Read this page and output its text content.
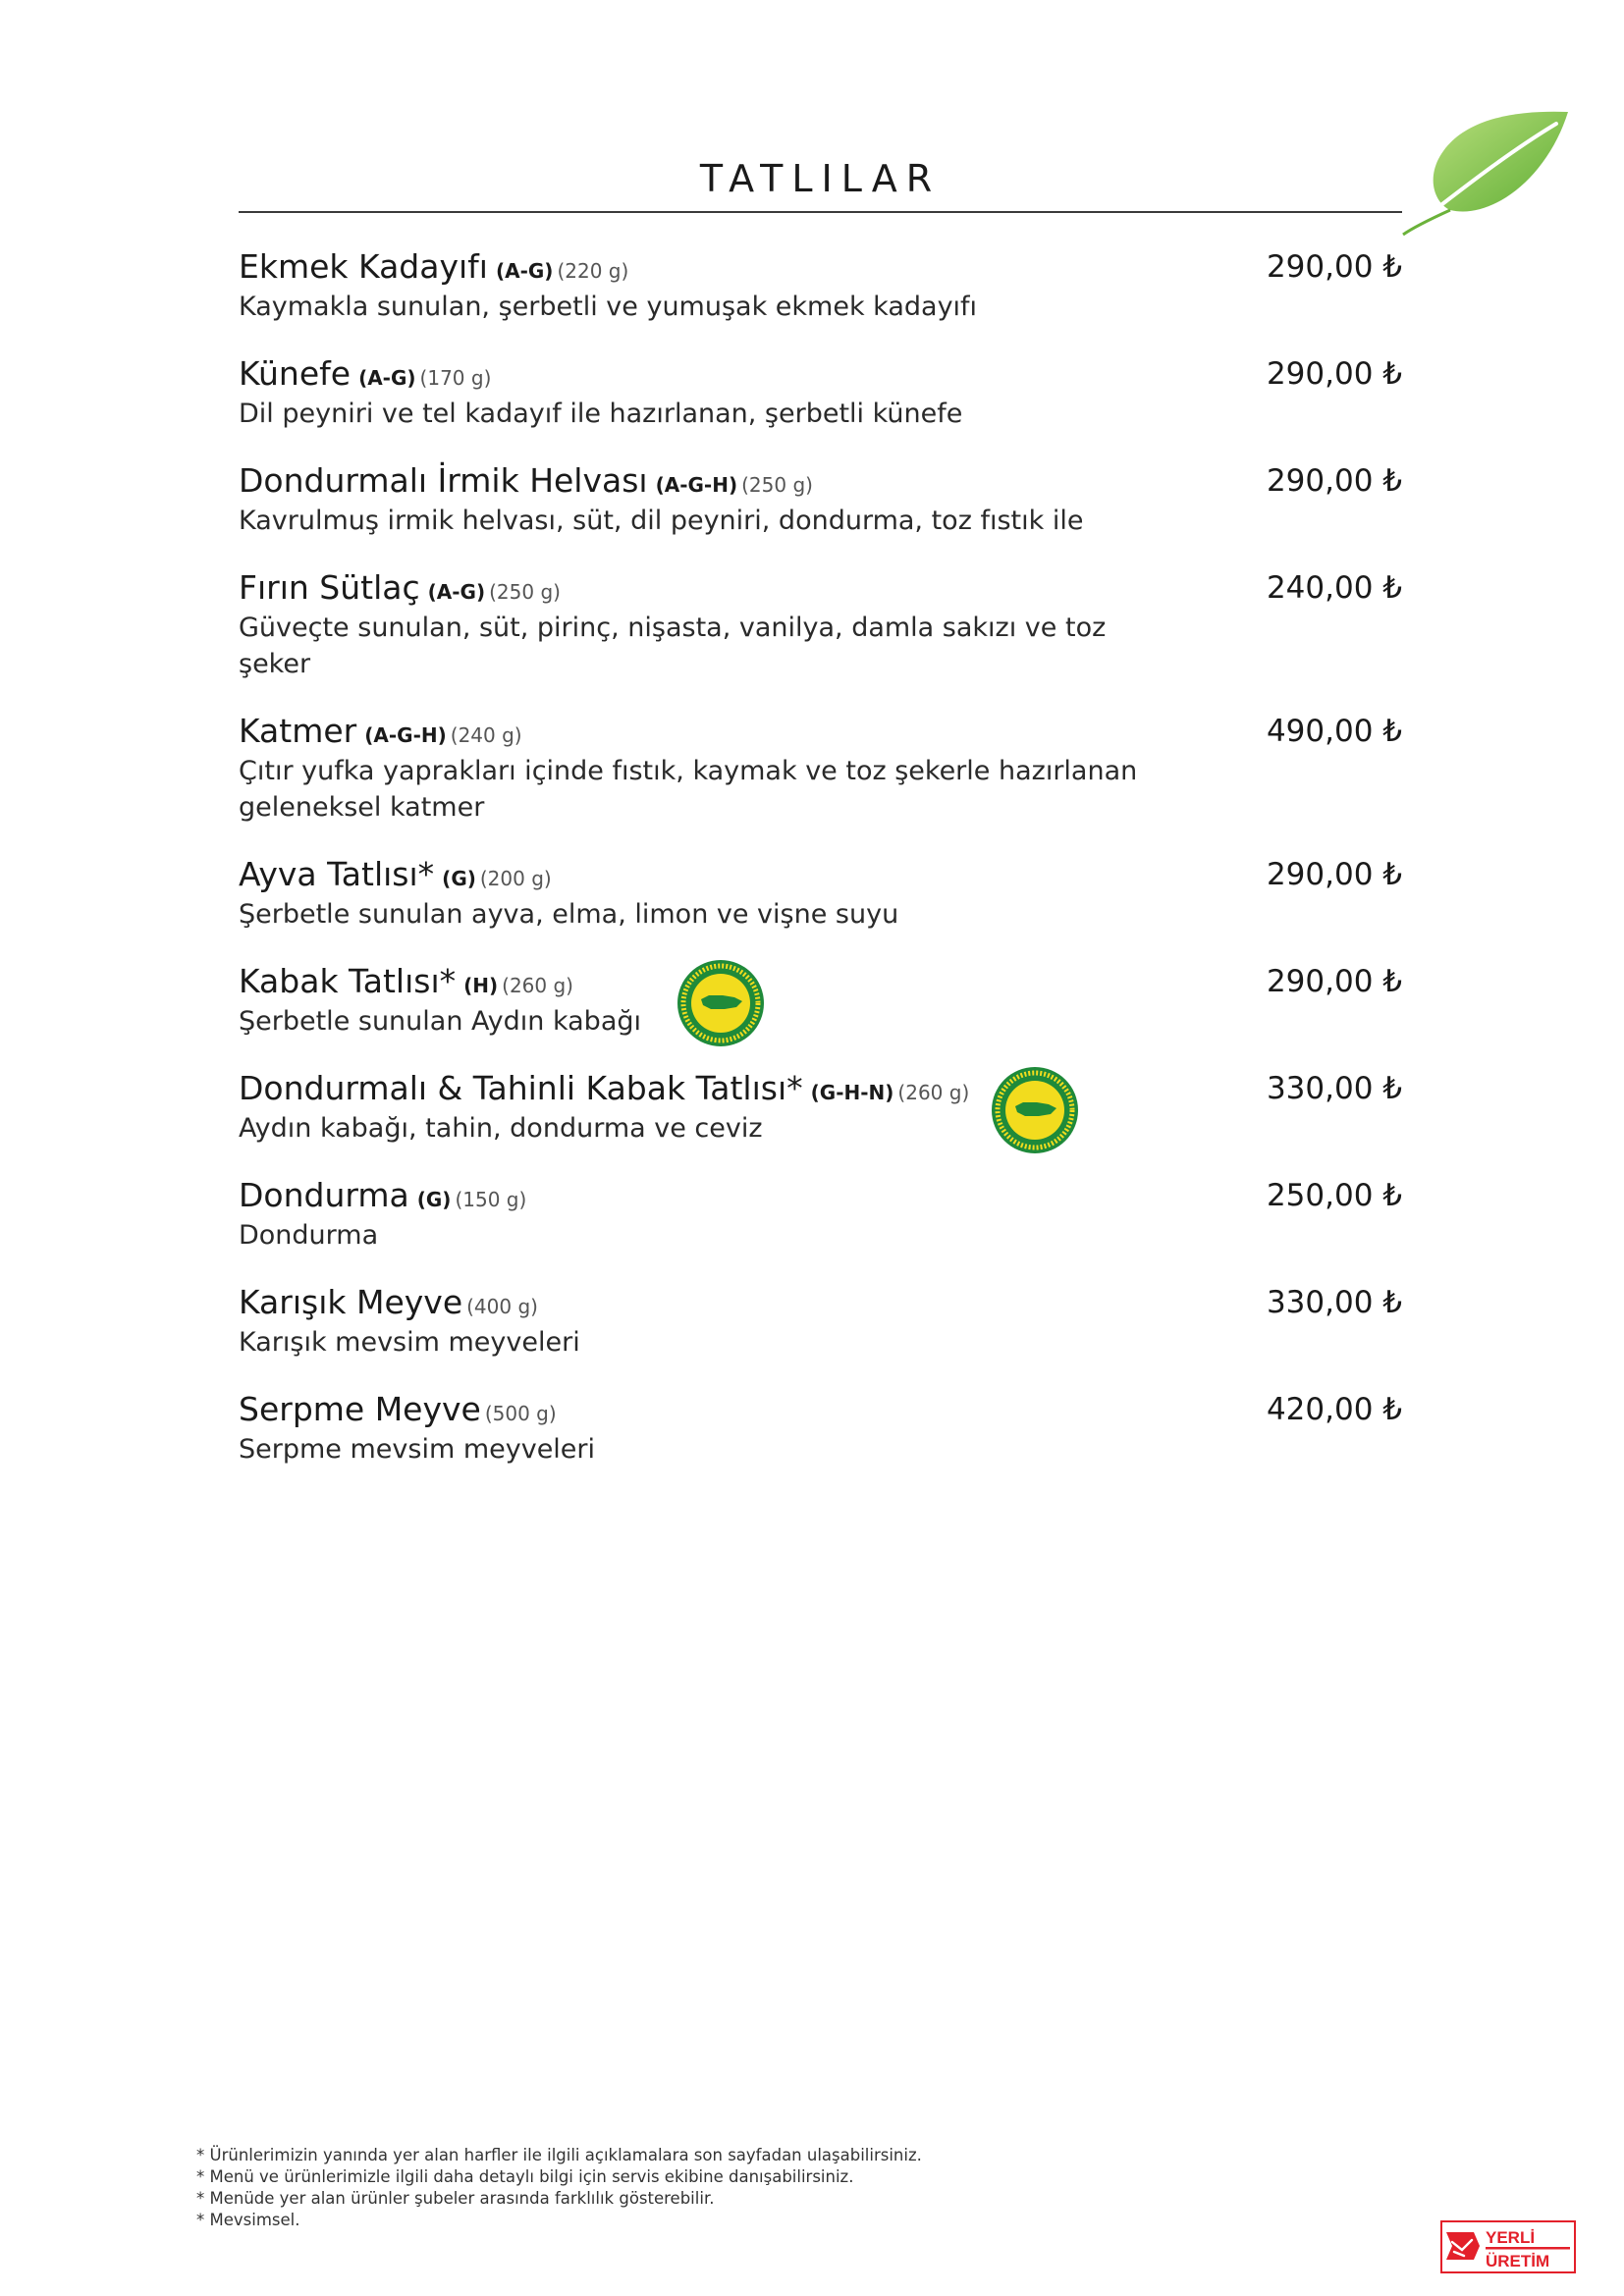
TATLILAR
Ekmek Kadayıfı (A-G) (220 g)	290,00 ₺
Kaymakla sunulan, şerbetli ve yumuşak ekmek kadayıfı
Künefe (A-G) (170 g)	290,00 ₺
Dil peyniri ve tel kadayıf ile hazırlanan, şerbetli künefe
Dondurmalı İrmik Helvası (A-G-H) (250 g)	290,00 ₺
Kavrulmuş irmik helvası, süt, dil peyniri, dondurma, toz fıstık ile
Fırın Sütlaç (A-G) (250 g)	240,00 ₺
Güveçte sunulan, süt, pirinç, nişasta, vanilya, damla sakızı ve toz şeker
Katmer (A-G-H) (240 g)	490,00 ₺
Çıtır yufka yaprakları içinde fıstık, kaymak ve toz şekerle hazırlanan geleneksel katmer
Ayva Tatlısı* (G) (200 g)	290,00 ₺
Şerbetle sunulan ayva, elma, limon ve vişne suyu
Kabak Tatlısı* (H) (260 g)	290,00 ₺
Şerbetle sunulan Aydın kabağı
Dondurmalı & Tahinli Kabak Tatlısı* (G-H-N) (260 g)	330,00 ₺
Aydın kabağı, tahin, dondurma ve ceviz
Dondurma (G) (150 g)	250,00 ₺
Dondurma
Karışık Meyve (400 g)	330,00 ₺
Karışık mevsim meyveleri
Serpme Meyve (500 g)	420,00 ₺
Serpme mevsim meyveleri
* Ürünlerimizin yanında yer alan harfler ile ilgili açıklamalara son sayfadan ulaşabilirsiniz.
* Menü ve ürünlerimizle ilgili daha detaylı bilgi için servis ekibine danışabilirsiniz.
* Menüde yer alan ürünler şubeler arasında farklılık gösterebilir.
* Mevsimsel.
YERLİ
ÜRETİM
